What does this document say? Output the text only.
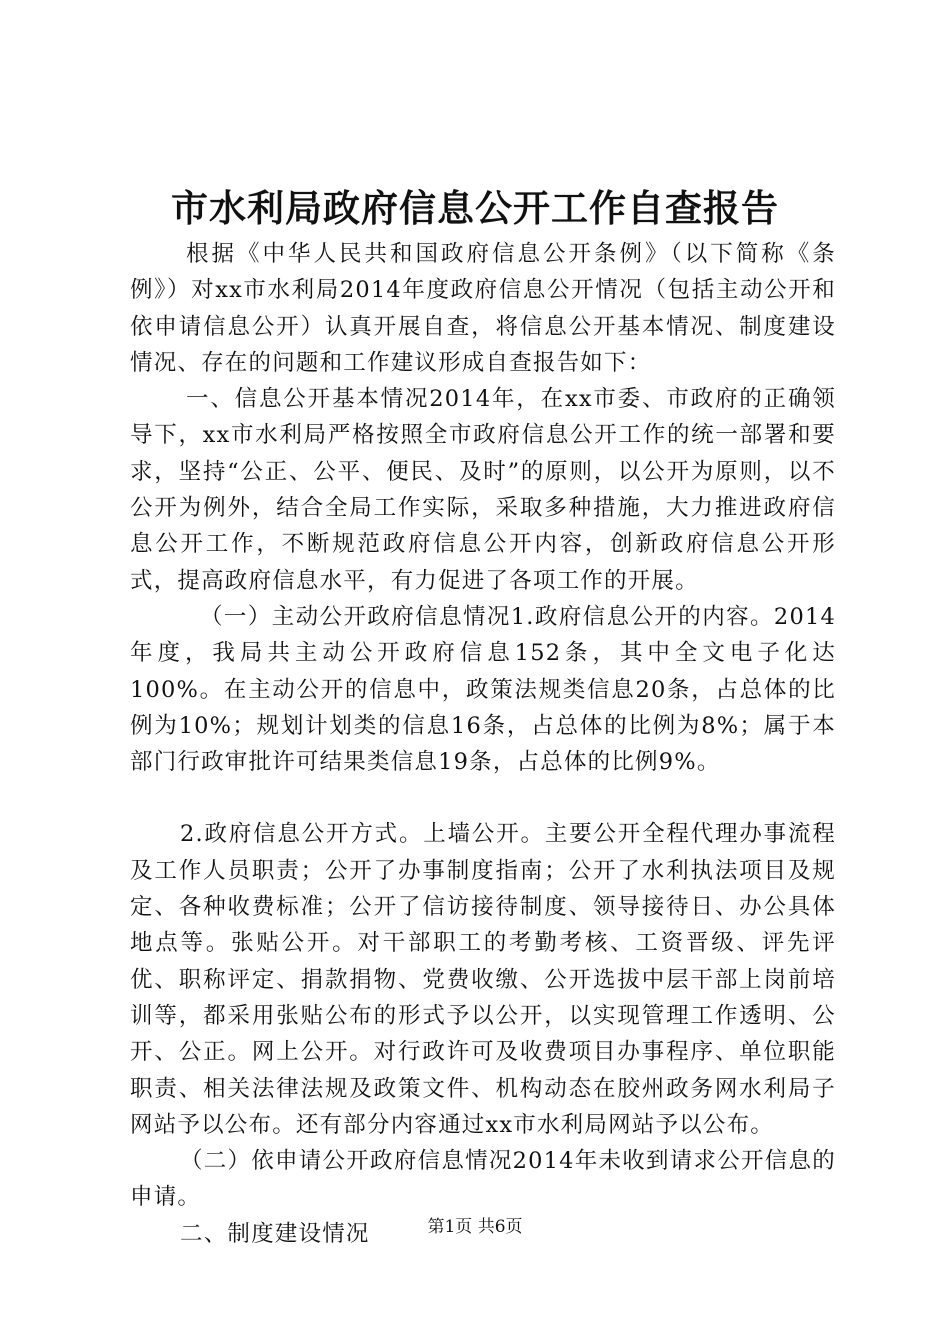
市水利局政府信息公开工作自查报告

根据《中华人民共和国政府信息公开条例》（以下简称《条例》）对xx市水利局2014年度政府信息公开情况（包括主动公开和依申请信息公开）认真开展自查，将信息公开基本情况、制度建设情况、存在的问题和工作建议形成自查报告如下：

一、信息公开基本情况2014年，在xx市委、市政府的正确领导下，xx市水利局严格按照全市政府信息公开工作的统一部署和要求，坚持“公正、公平、便民、及时”的原则，以公开为原则，以不公开为例外，结合全局工作实际，采取多种措施，大力推进政府信息公开工作，不断规范政府信息公开内容，创新政府信息公开形式，提高政府信息水平，有力促进了各项工作的开展。

（一）主动公开政府信息情况1.政府信息公开的内容。2014年度，我局共主动公开政府信息152条，其中全文电子化达100%。在主动公开的信息中，政策法规类信息20条，占总体的比例为10%；规划计划类的信息16条，占总体的比例为8%；属于本部门行政审批许可结果类信息19条，占总体的比例9%。

2.政府信息公开方式。上墙公开。主要公开全程代理办事流程及工作人员职责；公开了办事制度指南；公开了水利执法项目及规定、各种收费标准；公开了信访接待制度、领导接待日、办公具体地点等。张贴公开。对干部职工的考勤考核、工资晋级、评先评优、职称评定、捐款捐物、党费收缴、公开选拔中层干部上岗前培训等，都采用张贴公布的形式予以公开，以实现管理工作透明、公开、公正。网上公开。对行政许可及收费项目办事程序、单位职能职责、相关法律法规及政策文件、机构动态在胶州政务网水利局子网站予以公布。还有部分内容通过xx市水利局网站予以公布。

（二）依申请公开政府信息情况2014年未收到请求公开信息的申请。

二、制度建设情况	第1页 共6页
